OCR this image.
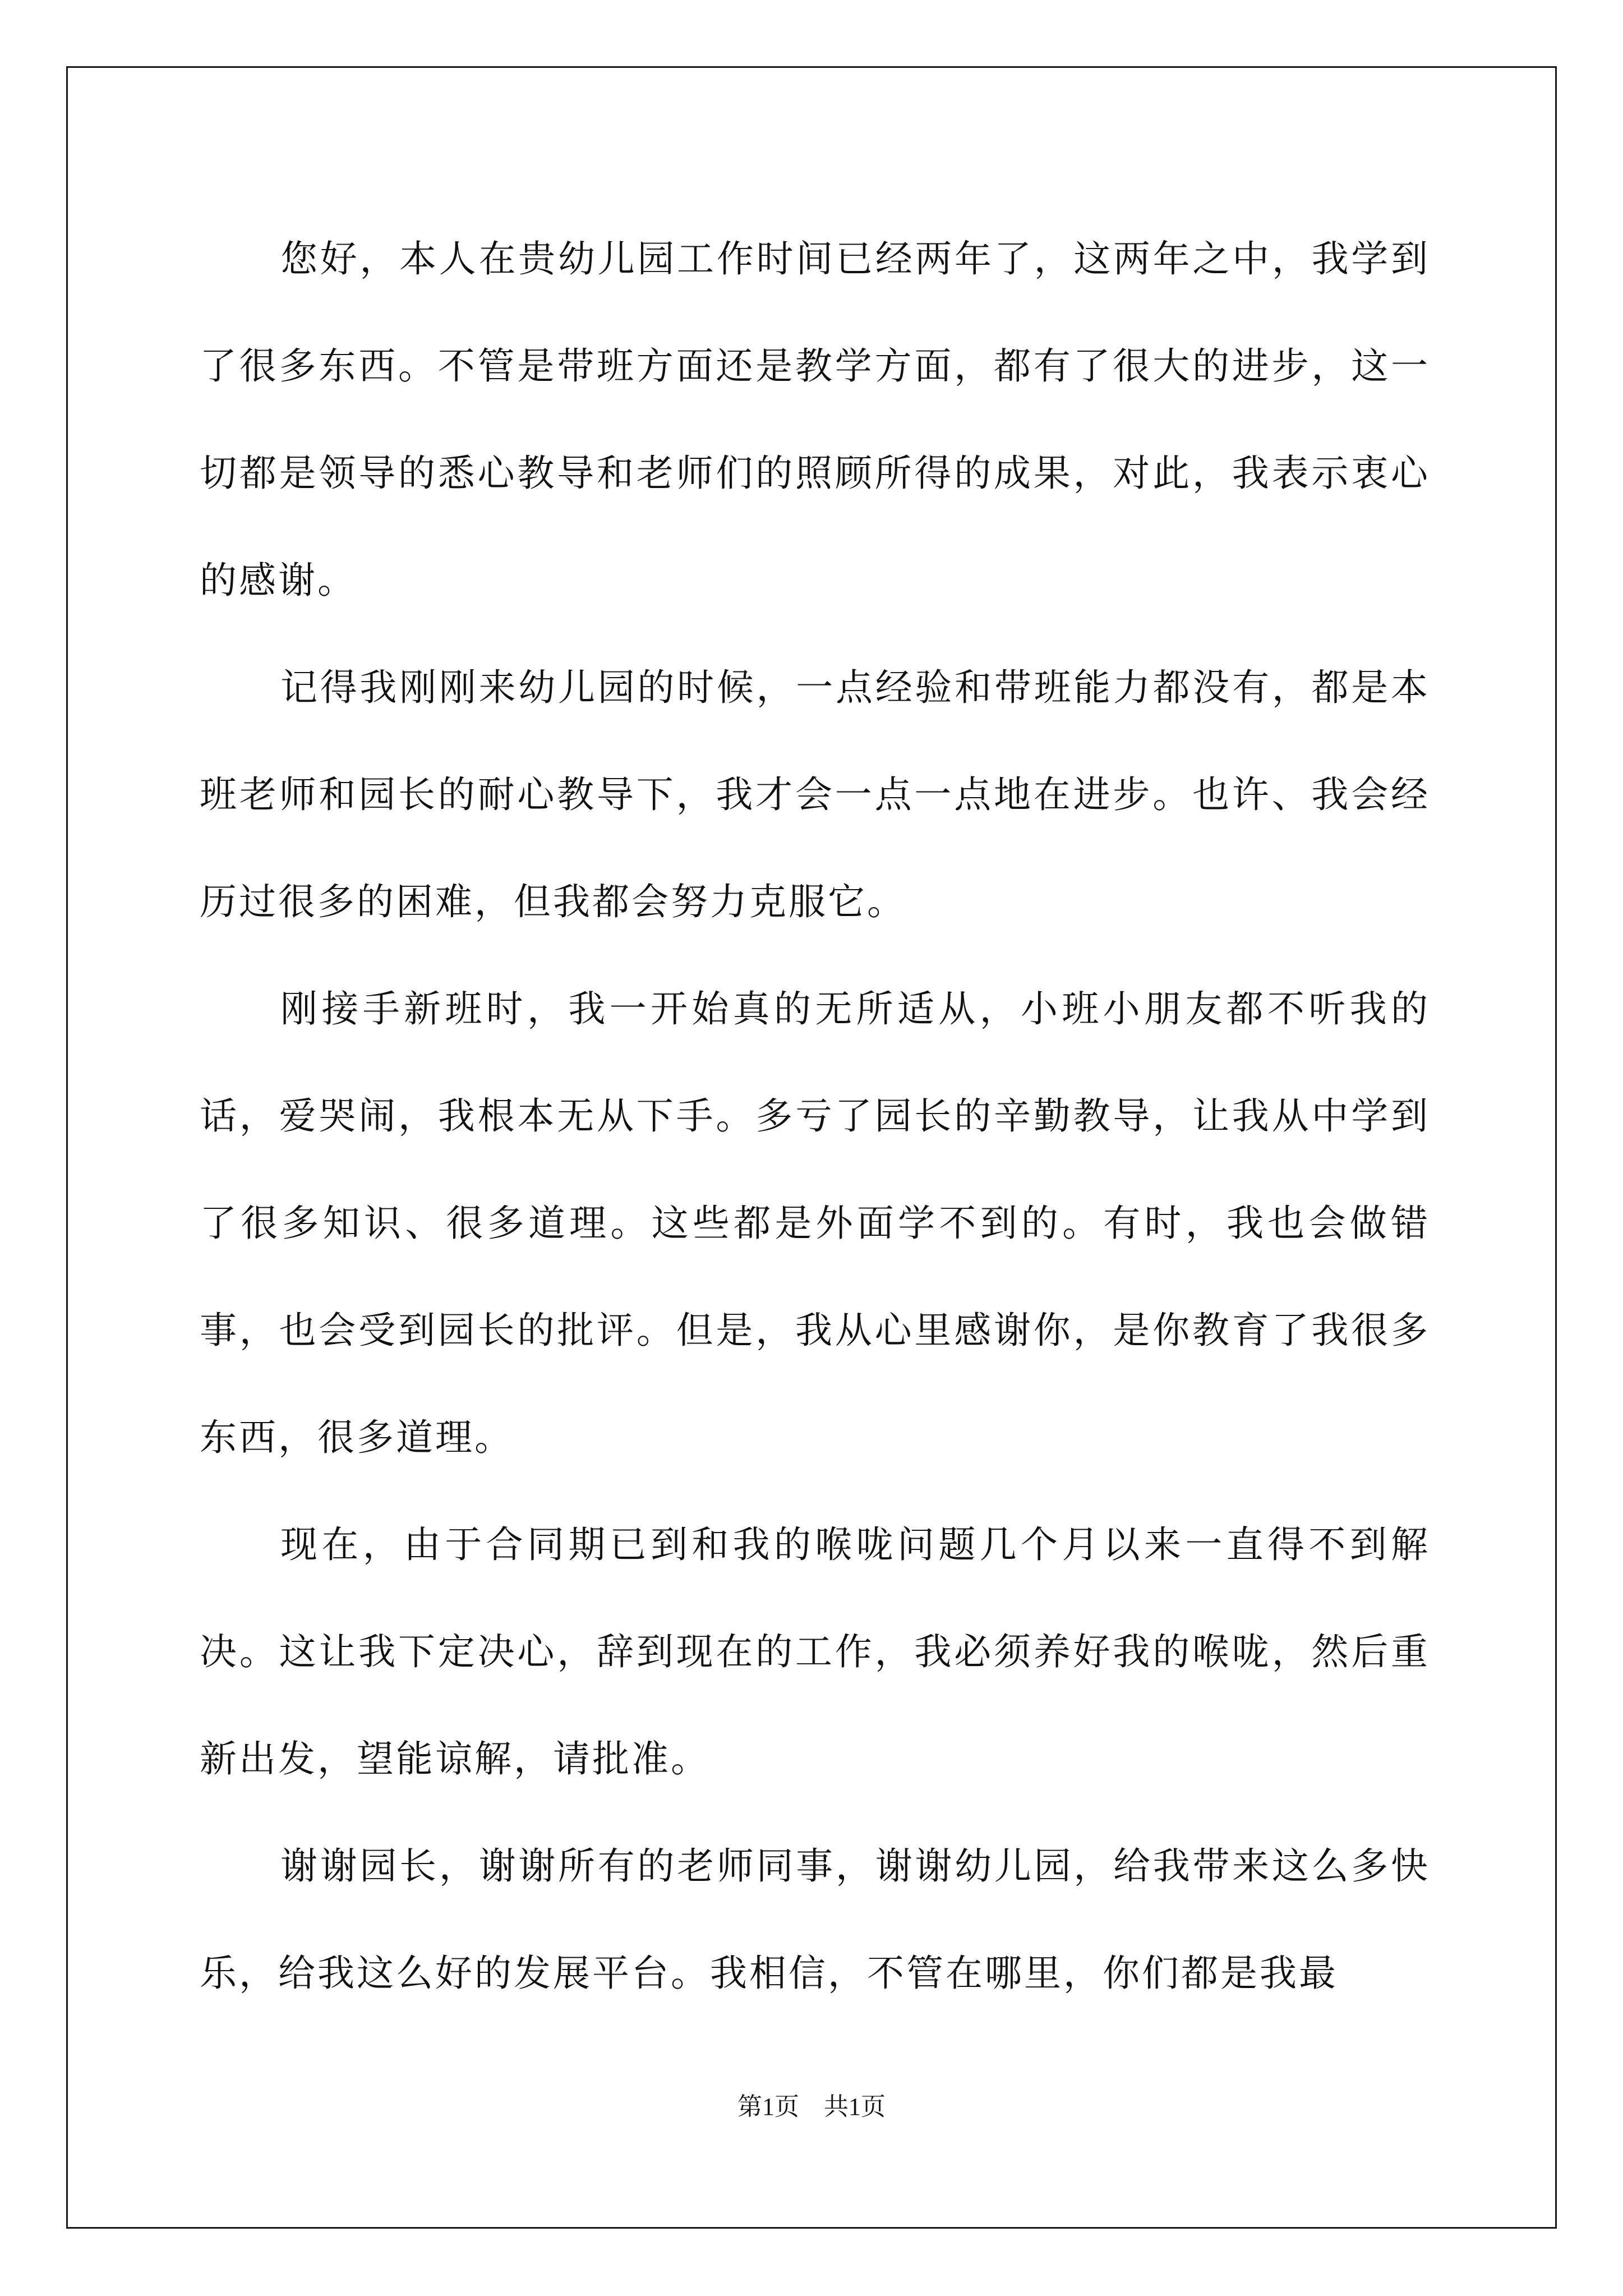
您好，本人在贵幼儿园工作时间已经两年了，这两年之中，我学到了很多东西。不管是带班方面还是教学方面，都有了很大的进步，这一切都是领导的悉心教导和老师们的照顾所得的成果，对此，我表示衷心的感谢。

记得我刚刚来幼儿园的时候，一点经验和带班能力都没有，都是本班老师和园长的耐心教导下，我才会一点一点地在进步。也许、我会经历过很多的困难，但我都会努力克服它。

刚接手新班时，我一开始真的无所适从，小班小朋友都不听我的话，爱哭闹，我根本无从下手。多亏了园长的辛勤教导，让我从中学到了很多知识、很多道理。这些都是外面学不到的。有时，我也会做错事，也会受到园长的批评。但是，我从心里感谢你，是你教育了我很多东西，很多道理。

现在，由于合同期已到和我的喉咙问题几个月以来一直得不到解决。这让我下定决心，辞到现在的工作，我必须养好我的喉咙，然后重新出发，望能谅解，请批准。

谢谢园长，谢谢所有的老师同事，谢谢幼儿园，给我带来这么多快乐，给我这么好的发展平台。我相信，不管在哪里，你们都是我最

第1页　共1页
